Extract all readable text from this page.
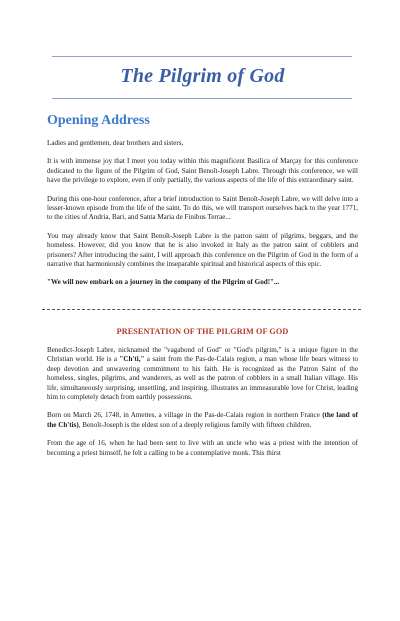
The Pilgrim of God
Opening Address

Ladies and gentlemen, dear brothers and sisters,

It is with immense joy that I meet you today within this magnificent Basilica of Marçay for this conference dedicated to the figure of the Pilgrim of God, Saint Benoît-Joseph Labre. Through this conference, we will have the privilege to explore, even if only partially, the various aspects of the life of this extraordinary saint.

During this one-hour conference, after a brief introduction to Saint Benoît-Joseph Labre, we will delve into a lesser-known episode from the life of the saint. To do this, we will transport ourselves back to the year 1771, to the cities of Andria, Bari, and Santa Maria de Finibus Terrae...

You may already know that Saint Benoît-Joseph Labre is the patron saint of pilgrims, beggars, and the homeless. However, did you know that he is also invoked in Italy as the patron saint of cobblers and prisoners? After introducing the saint, I will approach this conference on the Pilgrim of God in the form of a narrative that harmoniously combines the inseparable spiritual and historical aspects of this epic.

"We will now embark on a journey in the company of the Pilgrim of God!"...

PRESENTATION OF THE PILGRIM OF GOD

Benedict-Joseph Labre, nicknamed the "vagabond of God" or "God's pilgrim," is a unique figure in the Christian world. He is a "Ch'ti," a saint from the Pas-de-Calais region, a man whose life bears witness to deep devotion and unwavering commitment to his faith. He is recognized as the Patron Saint of the homeless, singles, pilgrims, and wanderers, as well as the patron of cobblers in a small Italian village. His life, simultaneously surprising, unsettling, and inspiring, illustrates an immeasurable love for Christ, leading him to completely detach from earthly possessions.

Born on March 26, 1748, in Amettes, a village in the Pas-de-Calais region in northern France (the land of the Ch'tis), Benoît-Joseph is the eldest son of a deeply religious family with fifteen children.

From the age of 16, when he had been sent to live with an uncle who was a priest with the intention of becoming a priest himself, he felt a calling to be a contemplative monk. This thirst
